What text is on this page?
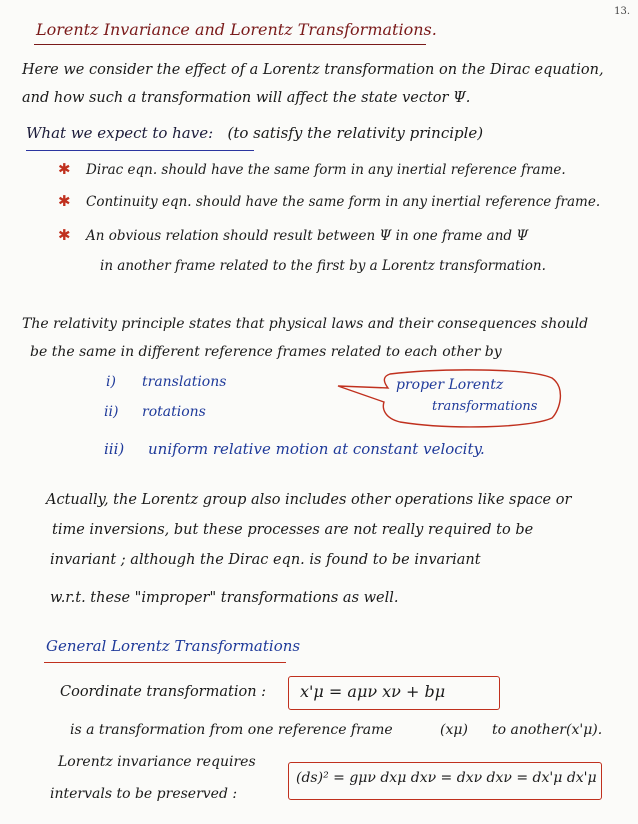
13.
Lorentz Invariance and Lorentz Transformations.
Here we consider the effect of a Lorentz transformation on the Dirac equation,
and how such a transformation will affect the state vector Ψ.
What we expect to have: (to satisfy the relativity principle)
✱ Dirac eqn. should have the same form in any inertial reference frame.
✱ Continuity eqn. should have the same form in any inertial reference frame.
✱ An obvious relation should result between Ψ in one frame and Ψ
in another frame related to the first by a Lorentz transformation.
The relativity principle states that physical laws and their consequences should
be the same in different reference frames related to each other by
i) translations
ii) rotations
iii) uniform relative motion at constant velocity.
proper Lorentz
transformations
Actually, the Lorentz group also includes other operations like space or
time inversions, but these processes are not really required to be
invariant ; although the Dirac eqn. is found to be invariant
w.r.t. these "improper" transformations as well.
General Lorentz Transformations
Coordinate transformation : x'μ = aμν xν + bμ
is a transformation from one reference frame	(xμ) to another (x'μ).
Lorentz invariance requires
intervals to be preserved :
(ds)² = gμν dxμ dxν = dxν dxν = dx'μ dx'μ
